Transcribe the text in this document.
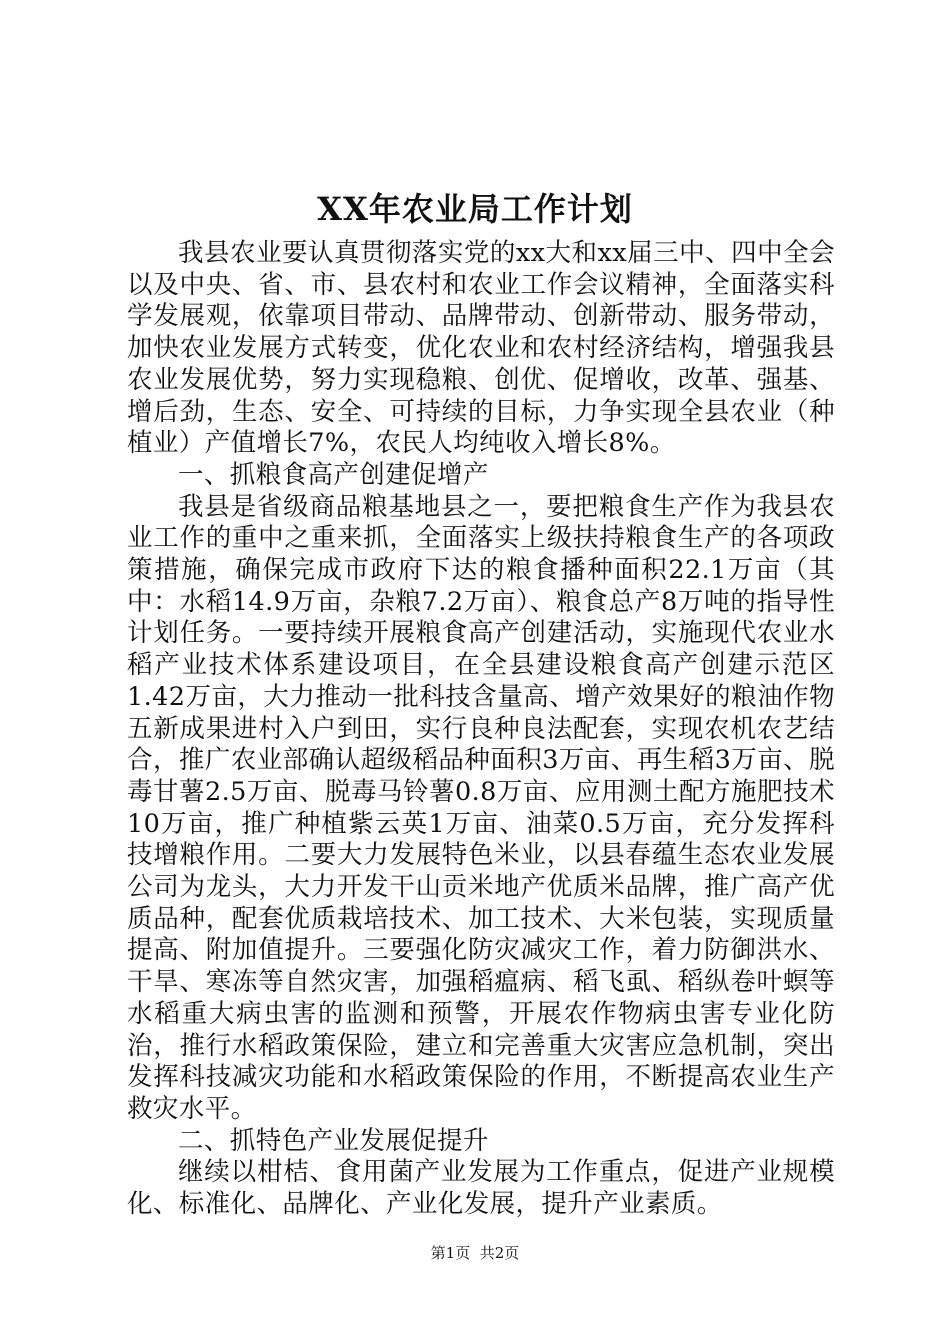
XX年农业局工作计划

我县农业要认真贯彻落实党的xx大和xx届三中、四中全会以及中央、省、市、县农村和农业工作会议精神，全面落实科学发展观，依靠项目带动、品牌带动、创新带动、服务带动，加快农业发展方式转变，优化农业和农村经济结构，增强我县农业发展优势，努力实现稳粮、创优、促增收，改革、强基、增后劲，生态、安全、可持续的目标，力争实现全县农业（种植业）产值增长7%，农民人均纯收入增长8%。

一、抓粮食高产创建促增产

我县是省级商品粮基地县之一，要把粮食生产作为我县农业工作的重中之重来抓，全面落实上级扶持粮食生产的各项政策措施，确保完成市政府下达的粮食播种面积22.1万亩（其中：水稻14.9万亩，杂粮7.2万亩）、粮食总产8万吨的指导性计划任务。一要持续开展粮食高产创建活动，实施现代农业水稻产业技术体系建设项目，在全县建设粮食高产创建示范区1.42万亩，大力推动一批科技含量高、增产效果好的粮油作物五新成果进村入户到田，实行良种良法配套，实现农机农艺结合，推广农业部确认超级稻品种面积3万亩、再生稻3万亩、脱毒甘薯2.5万亩、脱毒马铃薯0.8万亩、应用测土配方施肥技术10万亩，推广种植紫云英1万亩、油菜0.5万亩，充分发挥科技增粮作用。二要大力发展特色米业，以县春蕴生态农业发展公司为龙头，大力开发干山贡米地产优质米品牌，推广高产优质品种，配套优质栽培技术、加工技术、大米包装，实现质量提高、附加值提升。三要强化防灾减灾工作，着力防御洪水、干旱、寒冻等自然灾害，加强稻瘟病、稻飞虱、稻纵卷叶螟等水稻重大病虫害的监测和预警，开展农作物病虫害专业化防治，推行水稻政策保险，建立和完善重大灾害应急机制，突出发挥科技减灾功能和水稻政策保险的作用，不断提高农业生产救灾水平。

二、抓特色产业发展促提升

继续以柑桔、食用菌产业发展为工作重点，促进产业规模化、标准化、品牌化、产业化发展，提升产业素质。

第1页 共2页
